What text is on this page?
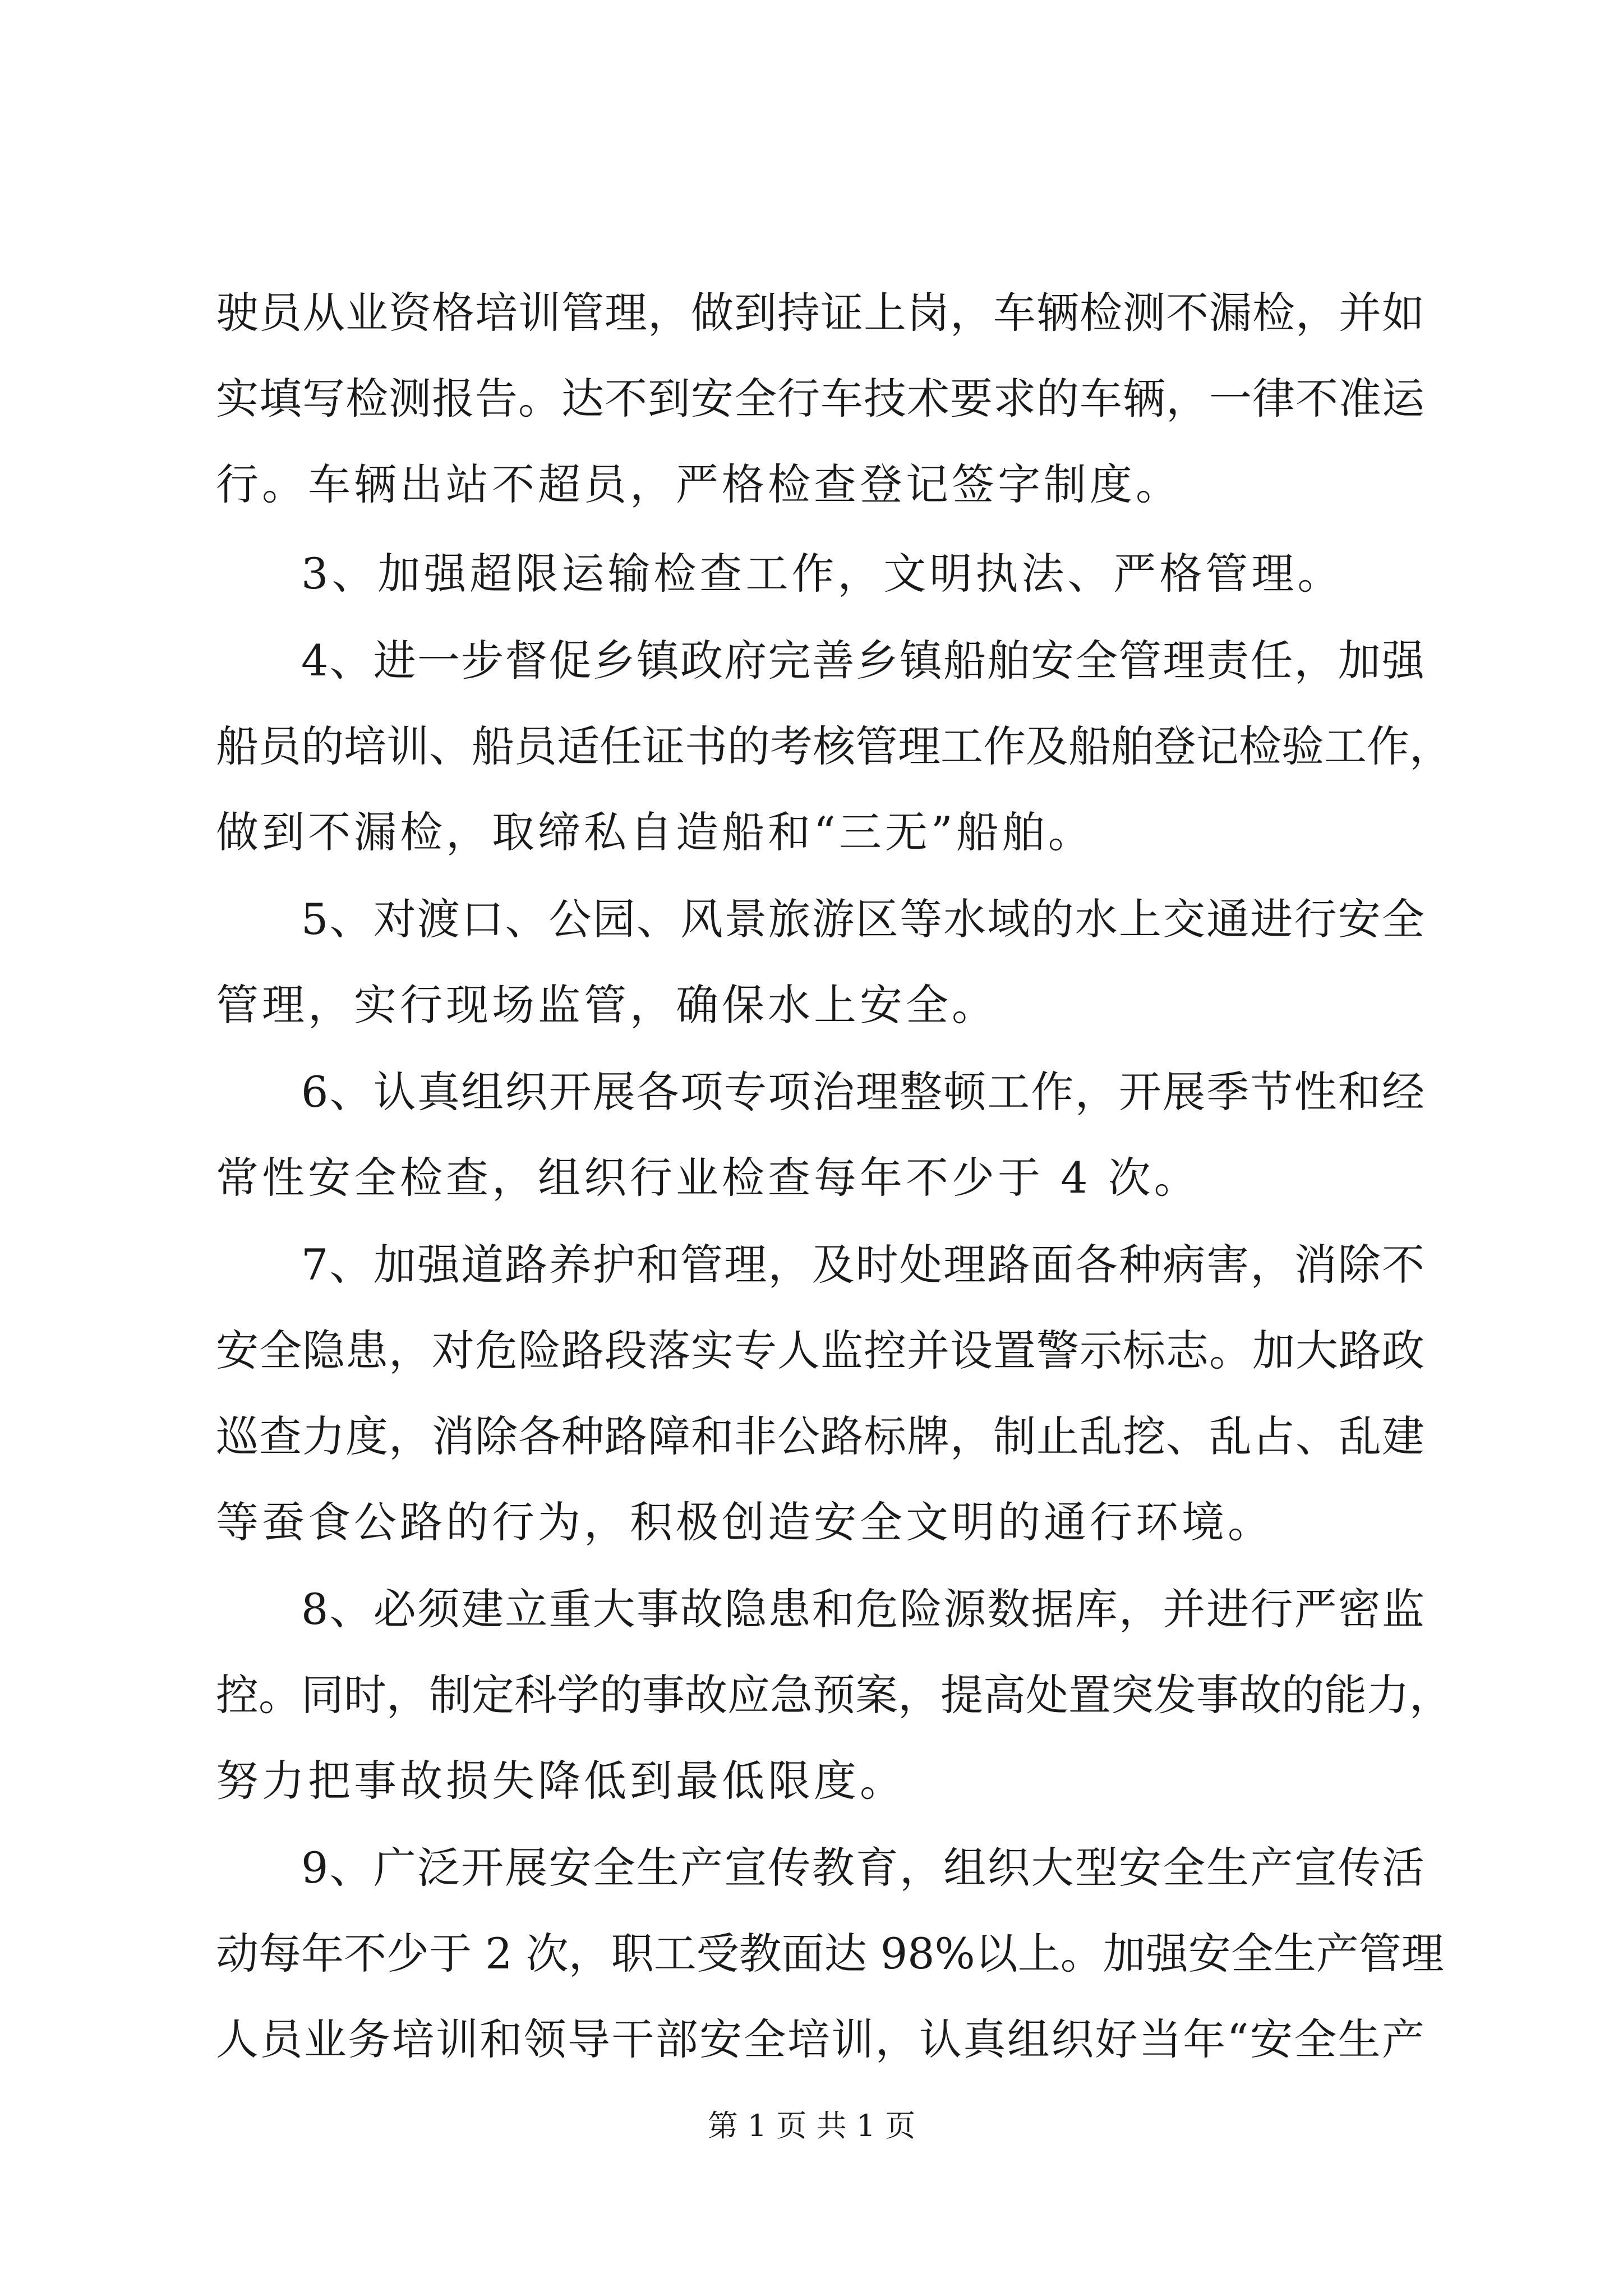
驶员从业资格培训管理，做到持证上岗，车辆检测不漏检，并如
实填写检测报告。达不到安全行车技术要求的车辆，一律不准运
行。车辆出站不超员，严格检查登记签字制度。
3、加强超限运输检查工作，文明执法、严格管理。
4、进一步督促乡镇政府完善乡镇船舶安全管理责任，加强
船员的培训、船员适任证书的考核管理工作及船舶登记检验工作，
做到不漏检，取缔私自造船和“三无”船舶。
5、对渡口、公园、风景旅游区等水域的水上交通进行安全
管理，实行现场监管，确保水上安全。
6、认真组织开展各项专项治理整顿工作，开展季节性和经
常性安全检查，组织行业检查每年不少于 4 次。
7、加强道路养护和管理，及时处理路面各种病害，消除不
安全隐患，对危险路段落实专人监控并设置警示标志。加大路政
巡查力度，消除各种路障和非公路标牌，制止乱挖、乱占、乱建
等蚕食公路的行为，积极创造安全文明的通行环境。
8、必须建立重大事故隐患和危险源数据库，并进行严密监
控。同时，制定科学的事故应急预案，提高处置突发事故的能力，
努力把事故损失降低到最低限度。
9、广泛开展安全生产宣传教育，组织大型安全生产宣传活
动每年不少于 2 次，职工受教面达 98%以上。加强安全生产管理
人员业务培训和领导干部安全培训，认真组织好当年“安全生产
第 1 页 共 1 页
